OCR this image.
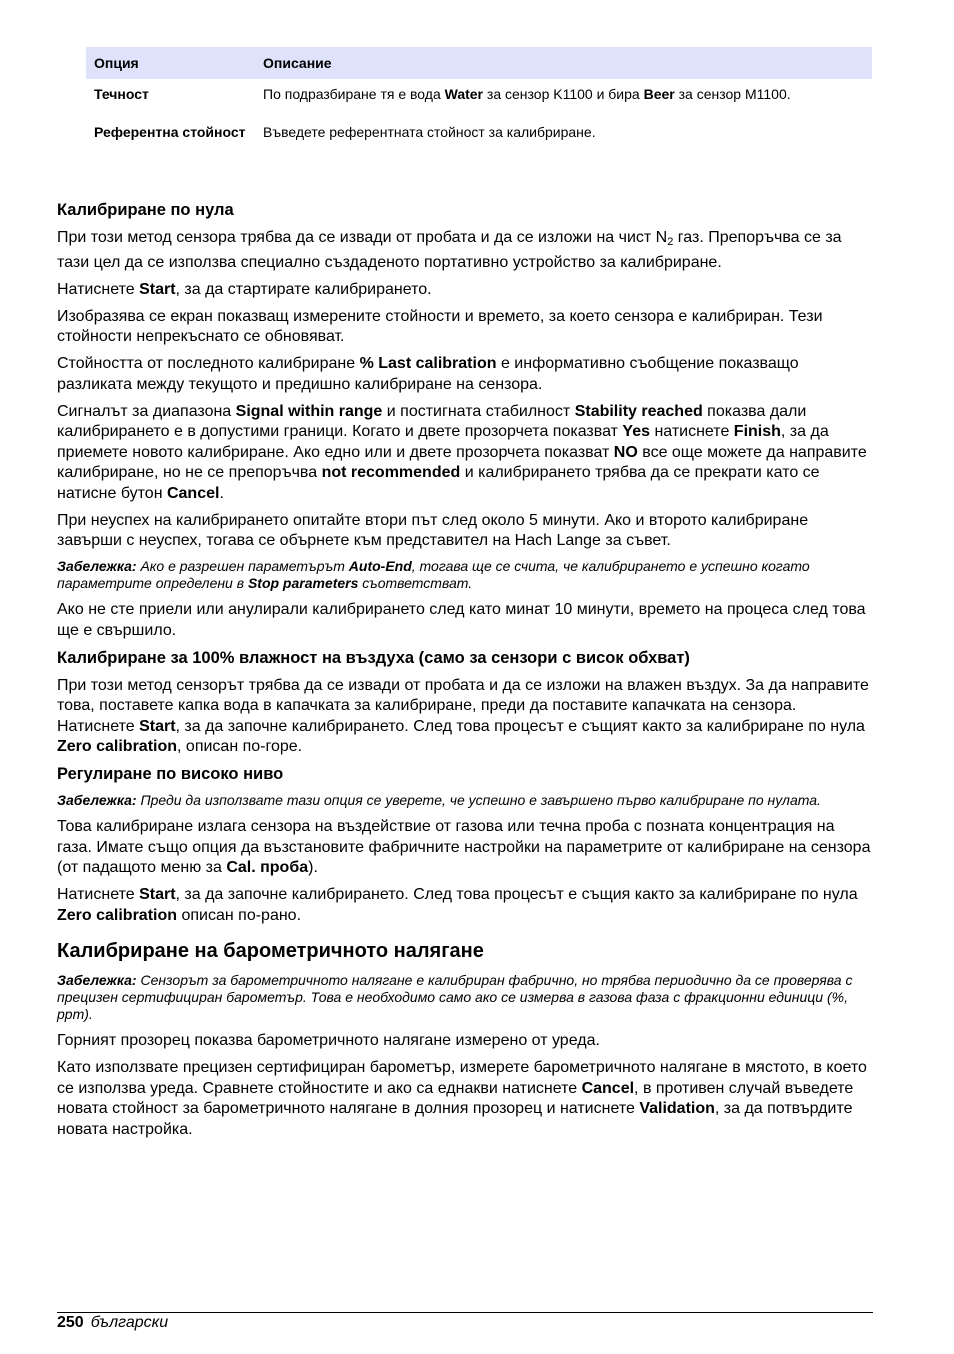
Опция	Описание
Течност	По подразбиране тя е вода Water за сензор K1100 и бира Beer за сензор M1100.
Референтна стойност	Въведете референтната стойност за калибриране.
Калибриране по нула

При този метод сензора трябва да се извади от пробата и да се изложи на чист $N_2$ газ. Препоръчва се за тази цел да се използва специално създаденото портативно устройство за калибриране.

Натиснете Start, за да стартирате калибрирането.

Изобразява се екран показващ измерените стойности и времето, за което сензора е калибриран. Тези стойности непрекъснато се обновяват.

Стойността от последното калибриране % Last calibration е информативно съобщение показващо разликата между текущото и предишно калибриране на сензора.

Сигналът за диапазона Signal within range и постигната стабилност Stability reached показва дали калибрирането е в допустими граници. Когато и двете прозорчета показват Yes натиснете Finish, за да приемете новото калибриране. Ако едно или и двете прозорчета показват NO все още можете да направите калибриране, но не се препоръчва not recommended и калибрирането трябва да се прекрати като се натисне бутон Cancel.

При неуспех на калибрирането опитайте втори път след около 5 минути. Ако и второто калибриране завърши с неуспех, тогава се обърнете към представител на Hach Lange за съвет.

Забележка: Ако е разрешен параметърът Auto-End, тогава ще се счита, че калибрирането е успешно когато параметрите определени в Stop parameters съответстват.

Ако не сте приели или анулирали калибрирането след като минат 10 минути, времето на процеса след това ще е свършило.

Калибриране за 100% влажност на въздуха (само за сензори с висок обхват)

При този метод сензорът трябва да се извади от пробата и да се изложи на влажен въздух. За да направите това, поставете капка вода в капачката за калибриране, преди да поставите капачката на сензора. Натиснете Start, за да започне калибрирането. След това процесът е същият както за калибриране по нула Zero calibration, описан по-горе.

Регулиране по високо ниво

Забележка: Преди да използвате тази опция се уверете, че успешно е завършено първо калибриране по нулата.

Това калибриране излага сензора на въздействие от газова или течна проба с позната концентрация на газа. Имате също опция да възстановите фабричните настройки на параметрите от калибриране на сензора (от падащото меню за Cal. проба).

Натиснете Start, за да започне калибрирането. След това процесът е същия както за калибриране по нула Zero calibration описан по-рано.

Калибриране на барометричното налягане

Забележка: Сензорът за барометричното налягане е калибриран фабрично, но трябва периодично да се проверява с прецизен сертифициран барометър. Това е необходимо само ако се измерва в газова фаза с фракционни единици (%, ppm).

Горният прозорец показва барометричното налягане измерено от уреда.

Като използвате прецизен сертифициран барометър, измерете барометричното налягане в мястото, в което се използва уреда. Сравнете стойностите и ако са еднакви натиснете Cancel, в противен случай въведете новата стойност за барометричното налягане в долния прозорец и натиснете Validation, за да потвърдите новата настройка.

250 български
